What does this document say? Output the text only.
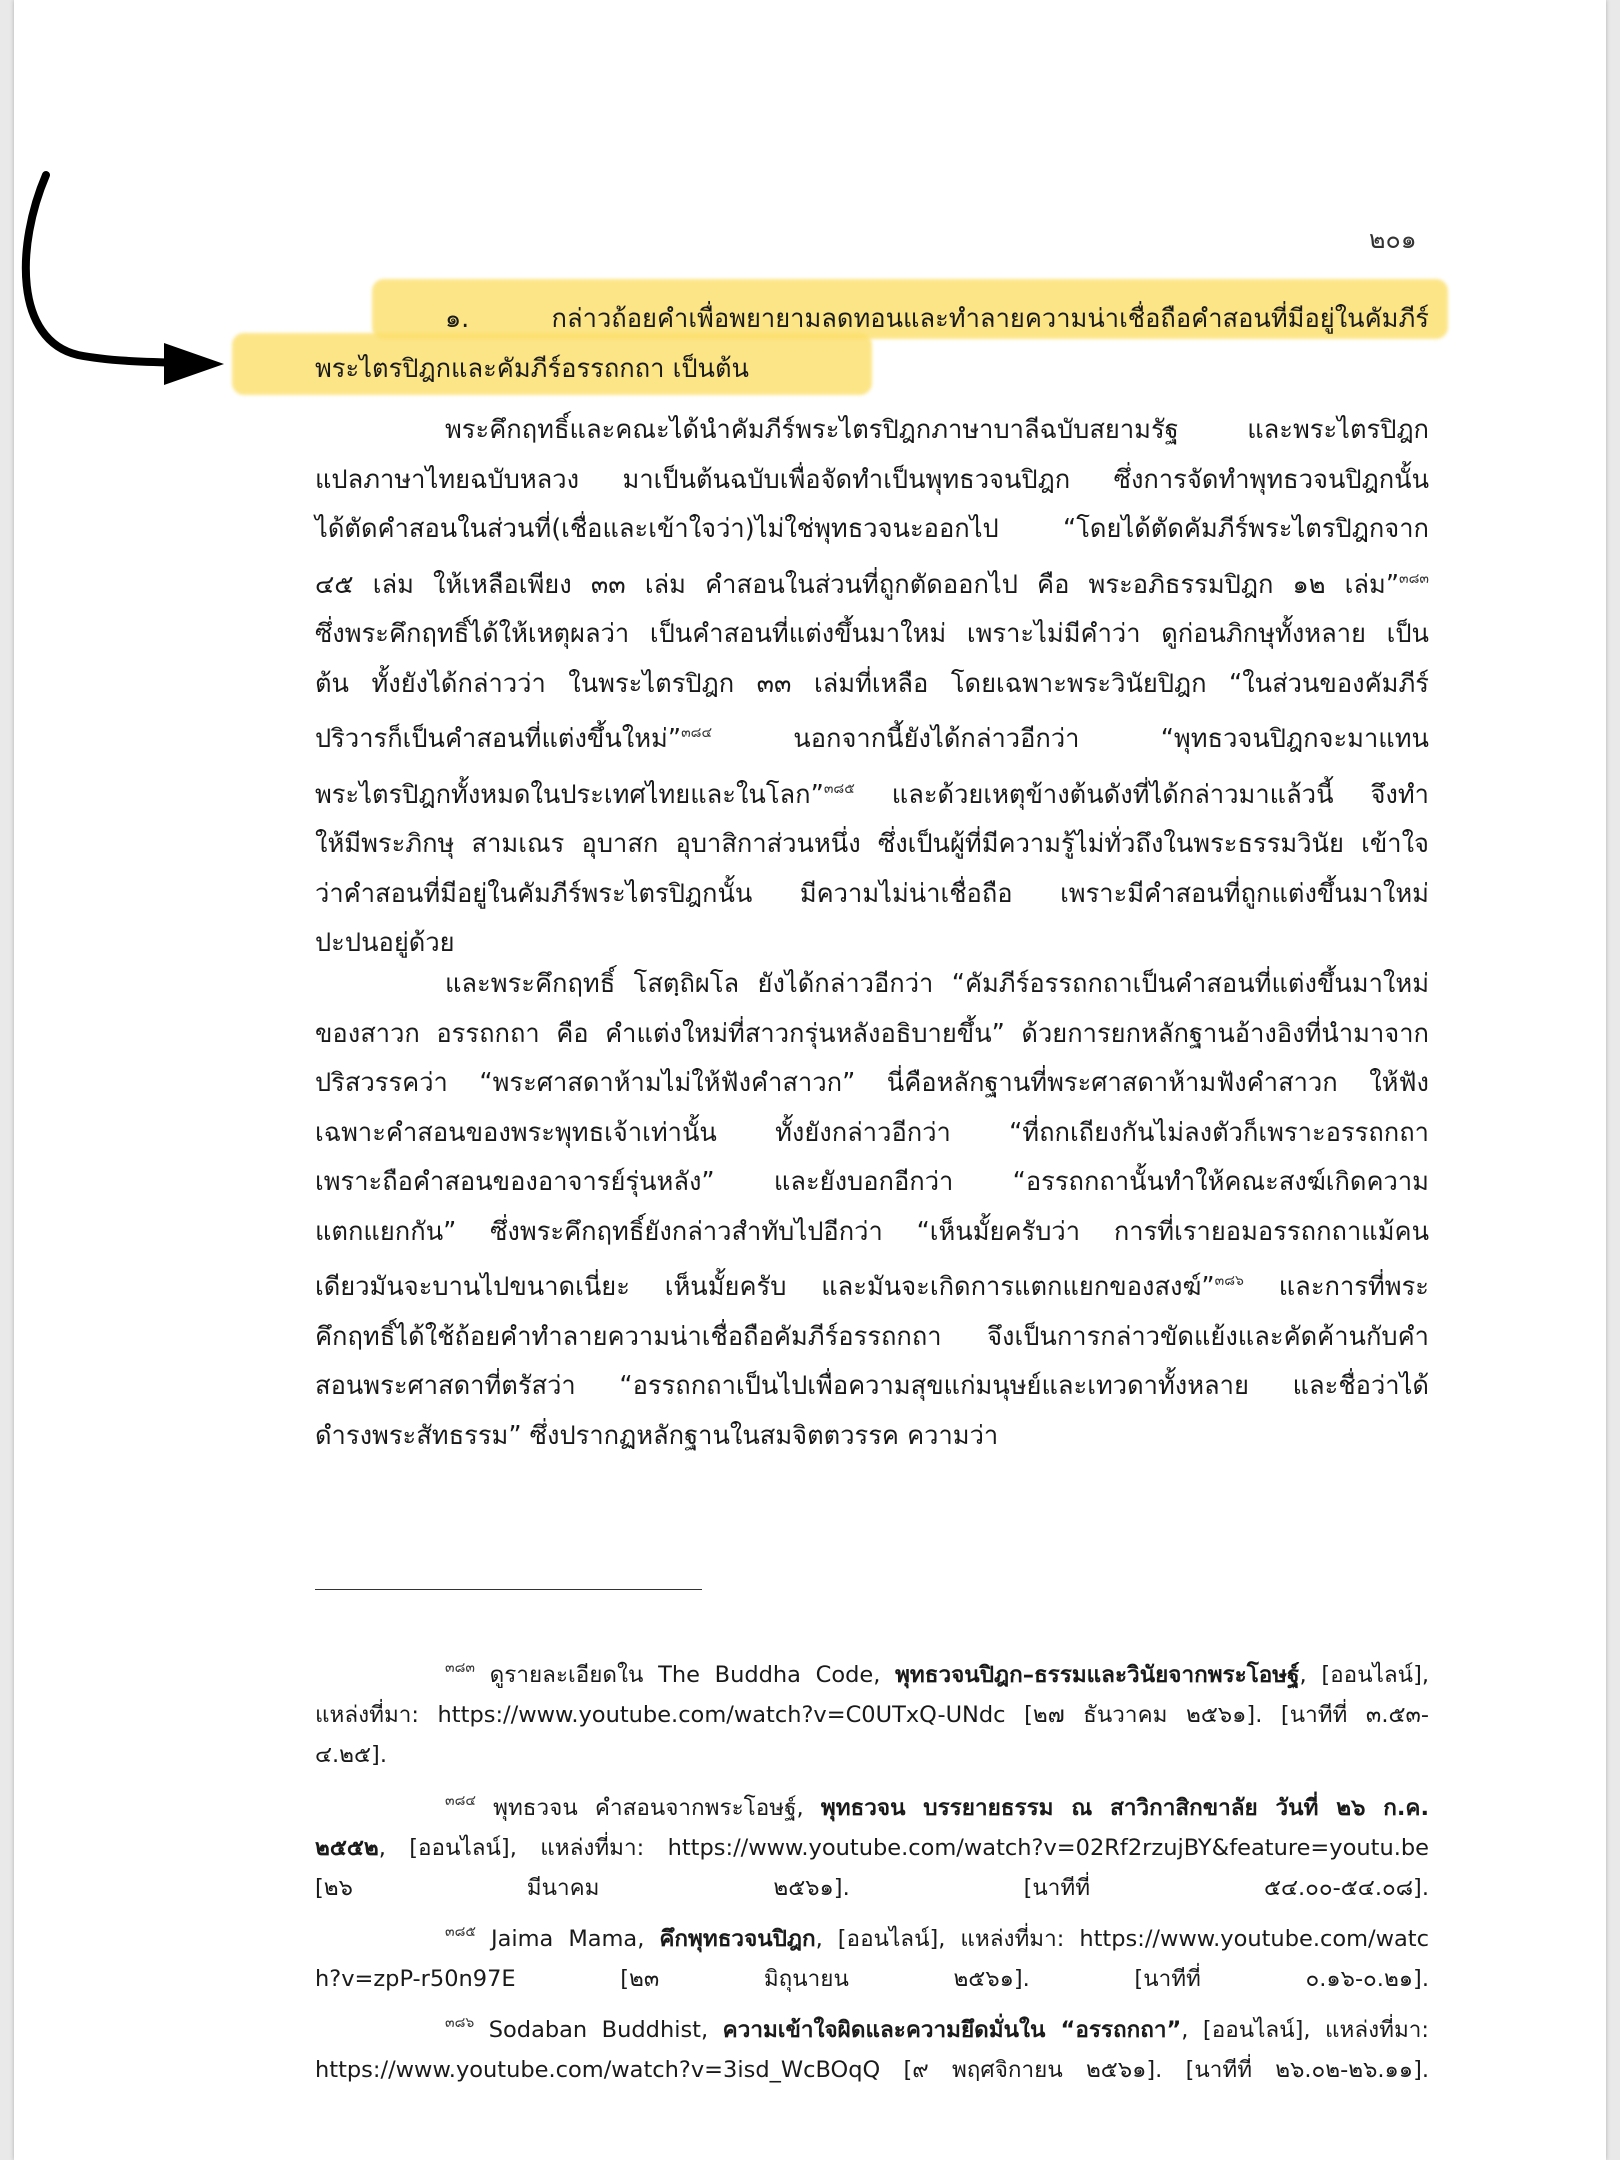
๒๐๑
๑. กล่าวถ้อยคำเพื่อพยายามลดทอนและทำลายความน่าเชื่อถือคำสอนที่มีอยู่ในคัมภีร์
พระไตรปิฎกและคัมภีร์อรรถกถา เป็นต้น
พระคึกฤทธิ์และคณะได้นำคัมภีร์พระไตรปิฎกภาษาบาลีฉบับสยามรัฐ และพระไตรปิฎก
แปลภาษาไทยฉบับหลวง มาเป็นต้นฉบับเพื่อจัดทำเป็นพุทธวจนปิฎก ซึ่งการจัดทำพุทธวจนปิฎกนั้น
ได้ตัดคำสอนในส่วนที่(เชื่อและเข้าใจว่า)ไม่ใช่พุทธวจนะออกไป “โดยได้ตัดคัมภีร์พระไตรปิฎกจาก
๔๕ เล่ม ให้เหลือเพียง ๓๓ เล่ม คำสอนในส่วนที่ถูกตัดออกไป คือ พระอภิธรรมปิฎก ๑๒ เล่ม”$^{๓๘๓}$
ซึ่งพระคึกฤทธิ์ได้ให้เหตุผลว่า เป็นคำสอนที่แต่งขึ้นมาใหม่ เพราะไม่มีคำว่า ดูก่อนภิกษุทั้งหลาย เป็น
ต้น ทั้งยังได้กล่าวว่า ในพระไตรปิฎก ๓๓ เล่มที่เหลือ โดยเฉพาะพระวินัยปิฎก “ในส่วนของคัมภีร์
ปริวารก็เป็นคำสอนที่แต่งขึ้นใหม่”$^{๓๘๔}$ นอกจากนี้ยังได้กล่าวอีกว่า “พุทธวจนปิฎกจะมาแทน
พระไตรปิฎกทั้งหมดในประเทศไทยและในโลก”$^{๓๘๕}$ และด้วยเหตุข้างต้นดังที่ได้กล่าวมาแล้วนี้ จึงทำ
ให้มีพระภิกษุ สามเณร อุบาสก อุบาสิกาส่วนหนึ่ง ซึ่งเป็นผู้ที่มีความรู้ไม่ทั่วถึงในพระธรรมวินัย เข้าใจ
ว่าคำสอนที่มีอยู่ในคัมภีร์พระไตรปิฎกนั้น มีความไม่น่าเชื่อถือ เพราะมีคำสอนที่ถูกแต่งขึ้นมาใหม่
ปะปนอยู่ด้วย
และพระคึกฤทธิ์ โสตฺถิผโล ยังได้กล่าวอีกว่า “คัมภีร์อรรถกถาเป็นคำสอนที่แต่งขึ้นมาใหม่
ของสาวก อรรถกถา คือ คำแต่งใหม่ที่สาวกรุ่นหลังอธิบายขึ้น” ด้วยการยกหลักฐานอ้างอิงที่นำมาจาก
ปริสวรรคว่า “พระศาสดาห้ามไม่ให้ฟังคำสาวก” นี่คือหลักฐานที่พระศาสดาห้ามฟังคำสาวก ให้ฟัง
เฉพาะคำสอนของพระพุทธเจ้าเท่านั้น ทั้งยังกล่าวอีกว่า “ที่ถกเถียงกันไม่ลงตัวก็เพราะอรรถกถา
เพราะถือคำสอนของอาจารย์รุ่นหลัง” และยังบอกอีกว่า “อรรถกถานั้นทำให้คณะสงฆ์เกิดความ
แตกแยกกัน” ซึ่งพระคึกฤทธิ์ยังกล่าวสำทับไปอีกว่า “เห็นมั้ยครับว่า การที่เรายอมอรรถกถาแม้คน
เดียวมันจะบานไปขนาดเนี่ยะ เห็นมั้ยครับ และมันจะเกิดการแตกแยกของสงฆ์”$^{๓๘๖}$ และการที่พระ
คึกฤทธิ์ได้ใช้ถ้อยคำทำลายความน่าเชื่อถือคัมภีร์อรรถกถา จึงเป็นการกล่าวขัดแย้งและคัดค้านกับคำ
สอนพระศาสดาที่ตรัสว่า “อรรถกถาเป็นไปเพื่อความสุขแก่มนุษย์และเทวดาทั้งหลาย และชื่อว่าได้
ดำรงพระสัทธรรม” ซึ่งปรากฏหลักฐานในสมจิตตวรรค ความว่า
$^{๓๘๓}$ ดูรายละเอียดใน The Buddha Code, พุทธวจนปิฎก–ธรรมและวินัยจากพระโอษฐ์, [ออนไลน์],
แหล่งที่มา: https://www.youtube.com/watch?v=C0UTxQ-UNdc [๒๗ ธันวาคม ๒๕๖๑]. [นาทีที่ ๓.๕๓-
๔.๒๕].
$^{๓๘๔}$ พุทธวจน คำสอนจากพระโอษฐ์, พุทธวจน บรรยายธรรม ณ สาวิกาสิกขาลัย วันที่ ๒๖ ก.ค.
๒๕๕๒, [ออนไลน์], แหล่งที่มา: https://www.youtube.com/watch?v=02Rf2rzujBY&feature=youtu.be
[๒๖ มีนาคม ๒๕๖๑]. [นาทีที่ ๕๔.๐๐-๕๔.๐๘].
$^{๓๘๕}$ Jaima Mama, คึกพุทธวจนปิฎก, [ออนไลน์], แหล่งที่มา: https://www.youtube.com/watc
h?v=zpP-r50n97E [๒๓ มิถุนายน ๒๕๖๑]. [นาทีที่ ๐.๑๖-๐.๒๑].
$^{๓๘๖}$ Sodaban Buddhist, ความเข้าใจผิดและความยึดมั่นใน “อรรถกถา”, [ออนไลน์], แหล่งที่มา:
https://www.youtube.com/watch?v=3isd_WcBOqQ [๙ พฤศจิกายน ๒๕๖๑]. [นาทีที่ ๒๖.๐๒-๒๖.๑๑].
